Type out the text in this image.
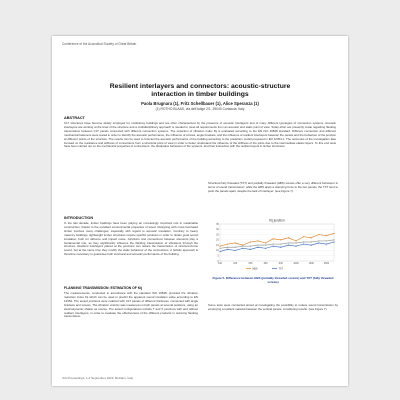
Conference of the Acoustical Society of Great Britain
Resilient interlayers and connectors: acoustic-structure
interaction in timber buildings
Paola Brugnara (1), Fritz Schellbauer (1), Alice Speranza (1)
(1) ROTHO BLAAS, via dell'Adige 2/1, 39040 Cortaccia, Italy
ABSTRACT
CLT structures have become widely employed for multistorey buildings and are often characterized by the presence of acoustic interlayers and of many different typologies of connection systems. Acoustic interlayers are working at the level of the structure and a multidisciplinary approach is needed to meet all requirements from an acoustic and static point of view. Today effort are presently made regarding flanking transmission between CLT panels connected with different connection systems. The reduction of vibration index Kij is evaluated according to the EN ISO 10848 standard. Different connection and different mechanical fasteners were tested in order to identify the acoustic performance, the influence of screws, angle brackets, and the influence of resilient interlayers between the panels and the behaviour of the junction at different points of the structure. The results can be used to forecast the acoustic performance of the building according to the prediction model proposed in EN 12354-1. The outcomes of the investigation also focused on the resistance and stiffness of connections from a structural point of view in order to better understand the influence of the stiffness of the joints due to the intermediate elastic layers. To this end tests have been carried out on the mechanical properties of connections, the dissipative behaviour of the systems, and their interaction with the resilient layers in timber structures.
INTRODUCTION
In the last decade, timber buildings have been playing an increasingly important role in sustainable construction, thanks to the excellent environmental properties of wood. Designing with cross laminated timber involves many challenges, especially with regard to acoustic insulation. Contrary to heavy masonry buildings, lightweight timber structures require specific solutions in order to obtain good sound insulation, both for airborne and impact noise. Junctions and connections between elements play a fundamental role, as they significantly influence the flanking transmission of vibrations through the structure. Resilient interlayers placed at the junctions can reduce the transmission of structure-borne sound, but at the same time they modify the static behaviour of the connections. A holistic approach is therefore necessary to guarantee both structural and acoustic performance of the building.
FLANKING TRANSMISSION: ESTIMATION OF Kij
The measurements, conducted in accordance with the standard ISO 10848, provided the vibration reduction index Kij which can be used to predict the apparent sound insulation value according to EN 12354. The tested junctions were realized with CLT panels of different thickness, connected with angle brackets and screws. The vibration velocity was measured on both panels at several positions, using an electrodynamic shaker as source. The tested configurations include T and X junctions with and without resilient interlayers, in order to evaluate the effectiveness of the different products in reducing flanking transmission.
Structural fully threaded (TXT) and partially threaded (HBS) screws offer a very different behaviour in terms of sound transmission: while the HBS apply a clamping force to the two panels, the TXT tend to push the panels apart, despite the lack of interlayer. (see Figure 7).
Kij junction
0
5
10
15
20
25
30
35
100	160	250	400	630	1000	1600	2500
HBS	TXT
Figure 5. Difference between HBS (partially threaded screws) and TXT (fully threaded screws)
Some tests were conducted aimed at investigating the possibility to reduce sound transmission by employing a resilient material between the vertical panels, considering results. (see Figure 7)
ICA Proceedings, 1-4 September 2022, Bolzano, Italy
